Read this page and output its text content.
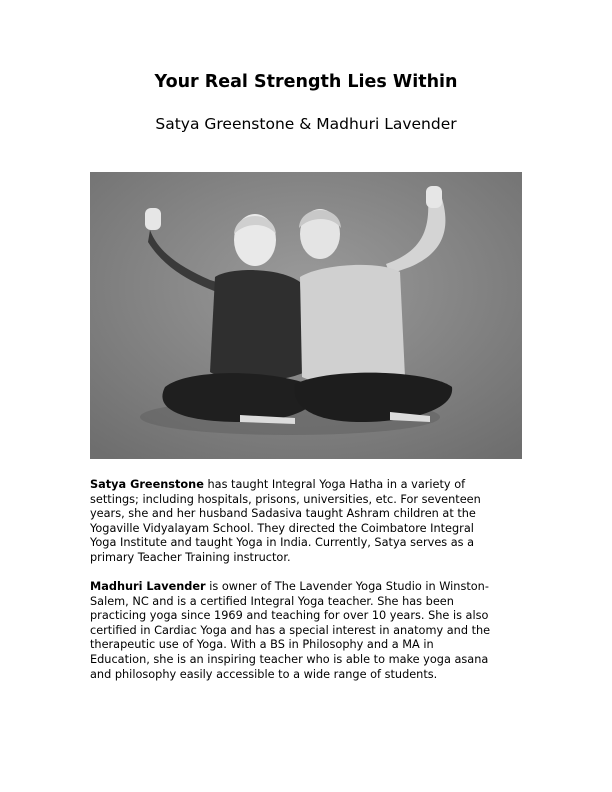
Your Real Strength Lies Within
Satya Greenstone & Madhuri Lavender

Satya Greenstone has taught Integral Yoga Hatha in a variety of
settings; including hospitals, prisons, universities, etc. For seventeen
years, she and her husband Sadasiva taught Ashram children at the
Yogaville Vidyalayam School. They directed the Coimbatore Integral
Yoga Institute and taught Yoga in India. Currently, Satya serves as a
primary Teacher Training instructor.

Madhuri Lavender is owner of The Lavender Yoga Studio in Winston-
Salem, NC and is a certified Integral Yoga teacher. She has been
practicing yoga since 1969 and teaching for over 10 years. She is also
certified in Cardiac Yoga and has a special interest in anatomy and the
therapeutic use of Yoga. With a BS in Philosophy and a MA in
Education, she is an inspiring teacher who is able to make yoga asana
and philosophy easily accessible to a wide range of students.
